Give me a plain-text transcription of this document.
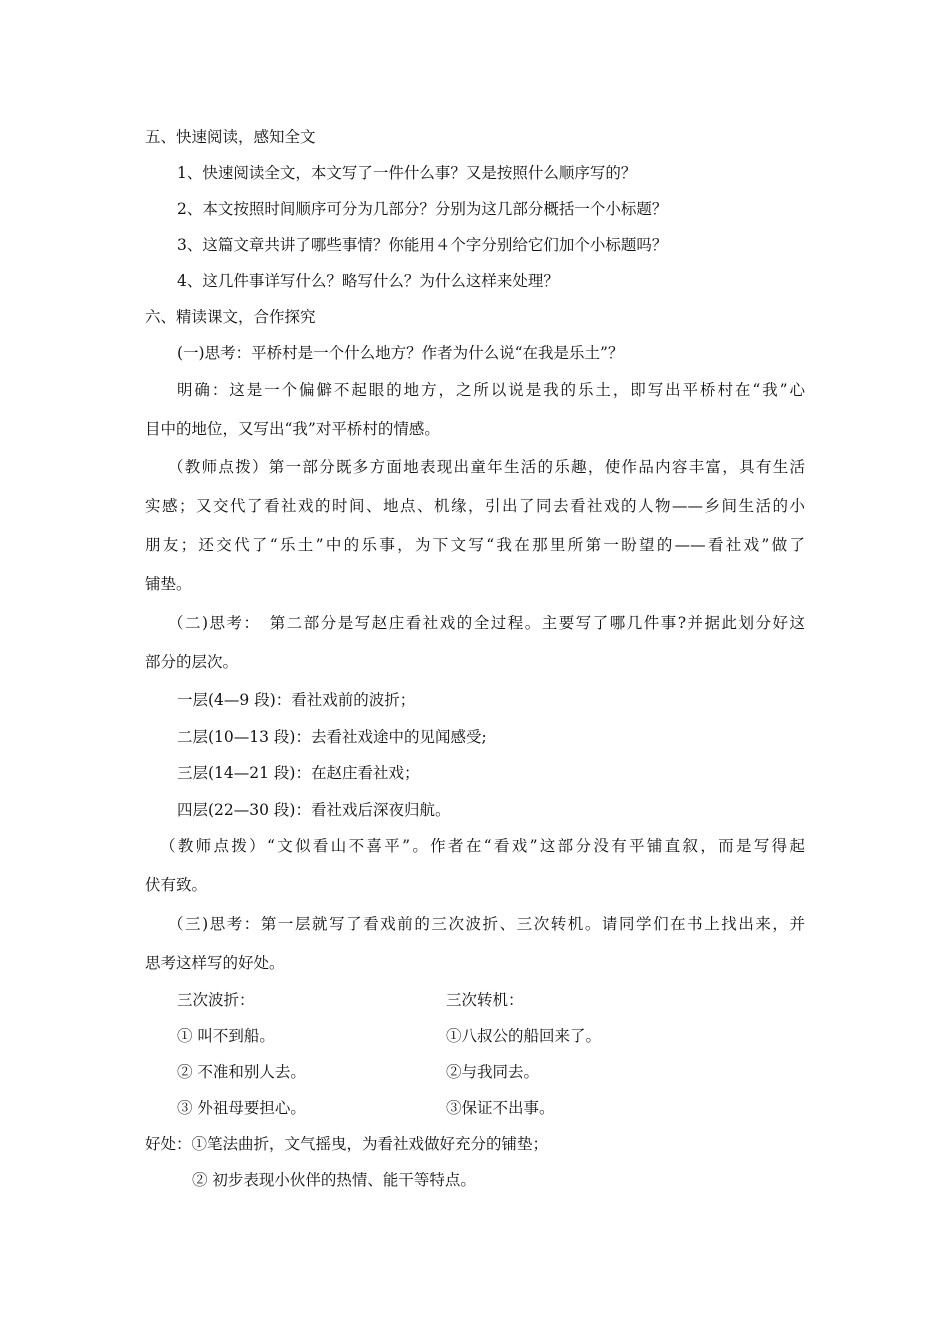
五、快速阅读，感知全文
1、快速阅读全文，本文写了一件什么事？又是按照什么顺序写的？
2、本文按照时间顺序可分为几部分？分别为这几部分概括一个小标题？
3、这篇文章共讲了哪些事情？你能用４个字分别给它们加个小标题吗？
4、这几件事详写什么？略写什么？为什么这样来处理？
六、精读课文，合作探究
(一)思考：平桥村是一个什么地方？作者为什么说“在我是乐土”？
明确：这是一个偏僻不起眼的地方，之所以说是我的乐土，即写出平桥村在“我”心
目中的地位，又写出“我”对平桥村的情感。
（教师点拨）第一部分既多方面地表现出童年生活的乐趣，使作品内容丰富，具有生活
实感；又交代了看社戏的时间、地点、机缘，引出了同去看社戏的人物——乡间生活的小
朋友；还交代了“乐土”中的乐事，为下文写“我在那里所第一盼望的——看社戏”做了
铺垫。
（二)思考：　第二部分是写赵庄看社戏的全过程。主要写了哪几件事?并据此划分好这
部分的层次。
一层(4—9 段)：看社戏前的波折；
二层(10—13 段)：去看社戏途中的见闻感受;
三层(14—21 段)：在赵庄看社戏；
四层(22—30 段)：看社戏后深夜归航。
（教师点拨）“文似看山不喜平”。作者在“看戏”这部分没有平铺直叙，而是写得起
伏有致。
（三)思考：第一层就写了看戏前的三次波折、三次转机。请同学们在书上找出来，并
思考这样写的好处。
三次波折：	三次转机：
① 叫不到船。	①八叔公的船回来了。
② 不准和别人去。	②与我同去。
③ 外祖母要担心。	③保证不出事。
好处：①笔法曲折，文气摇曳，为看社戏做好充分的铺垫；
② 初步表现小伙伴的热情、能干等特点。
